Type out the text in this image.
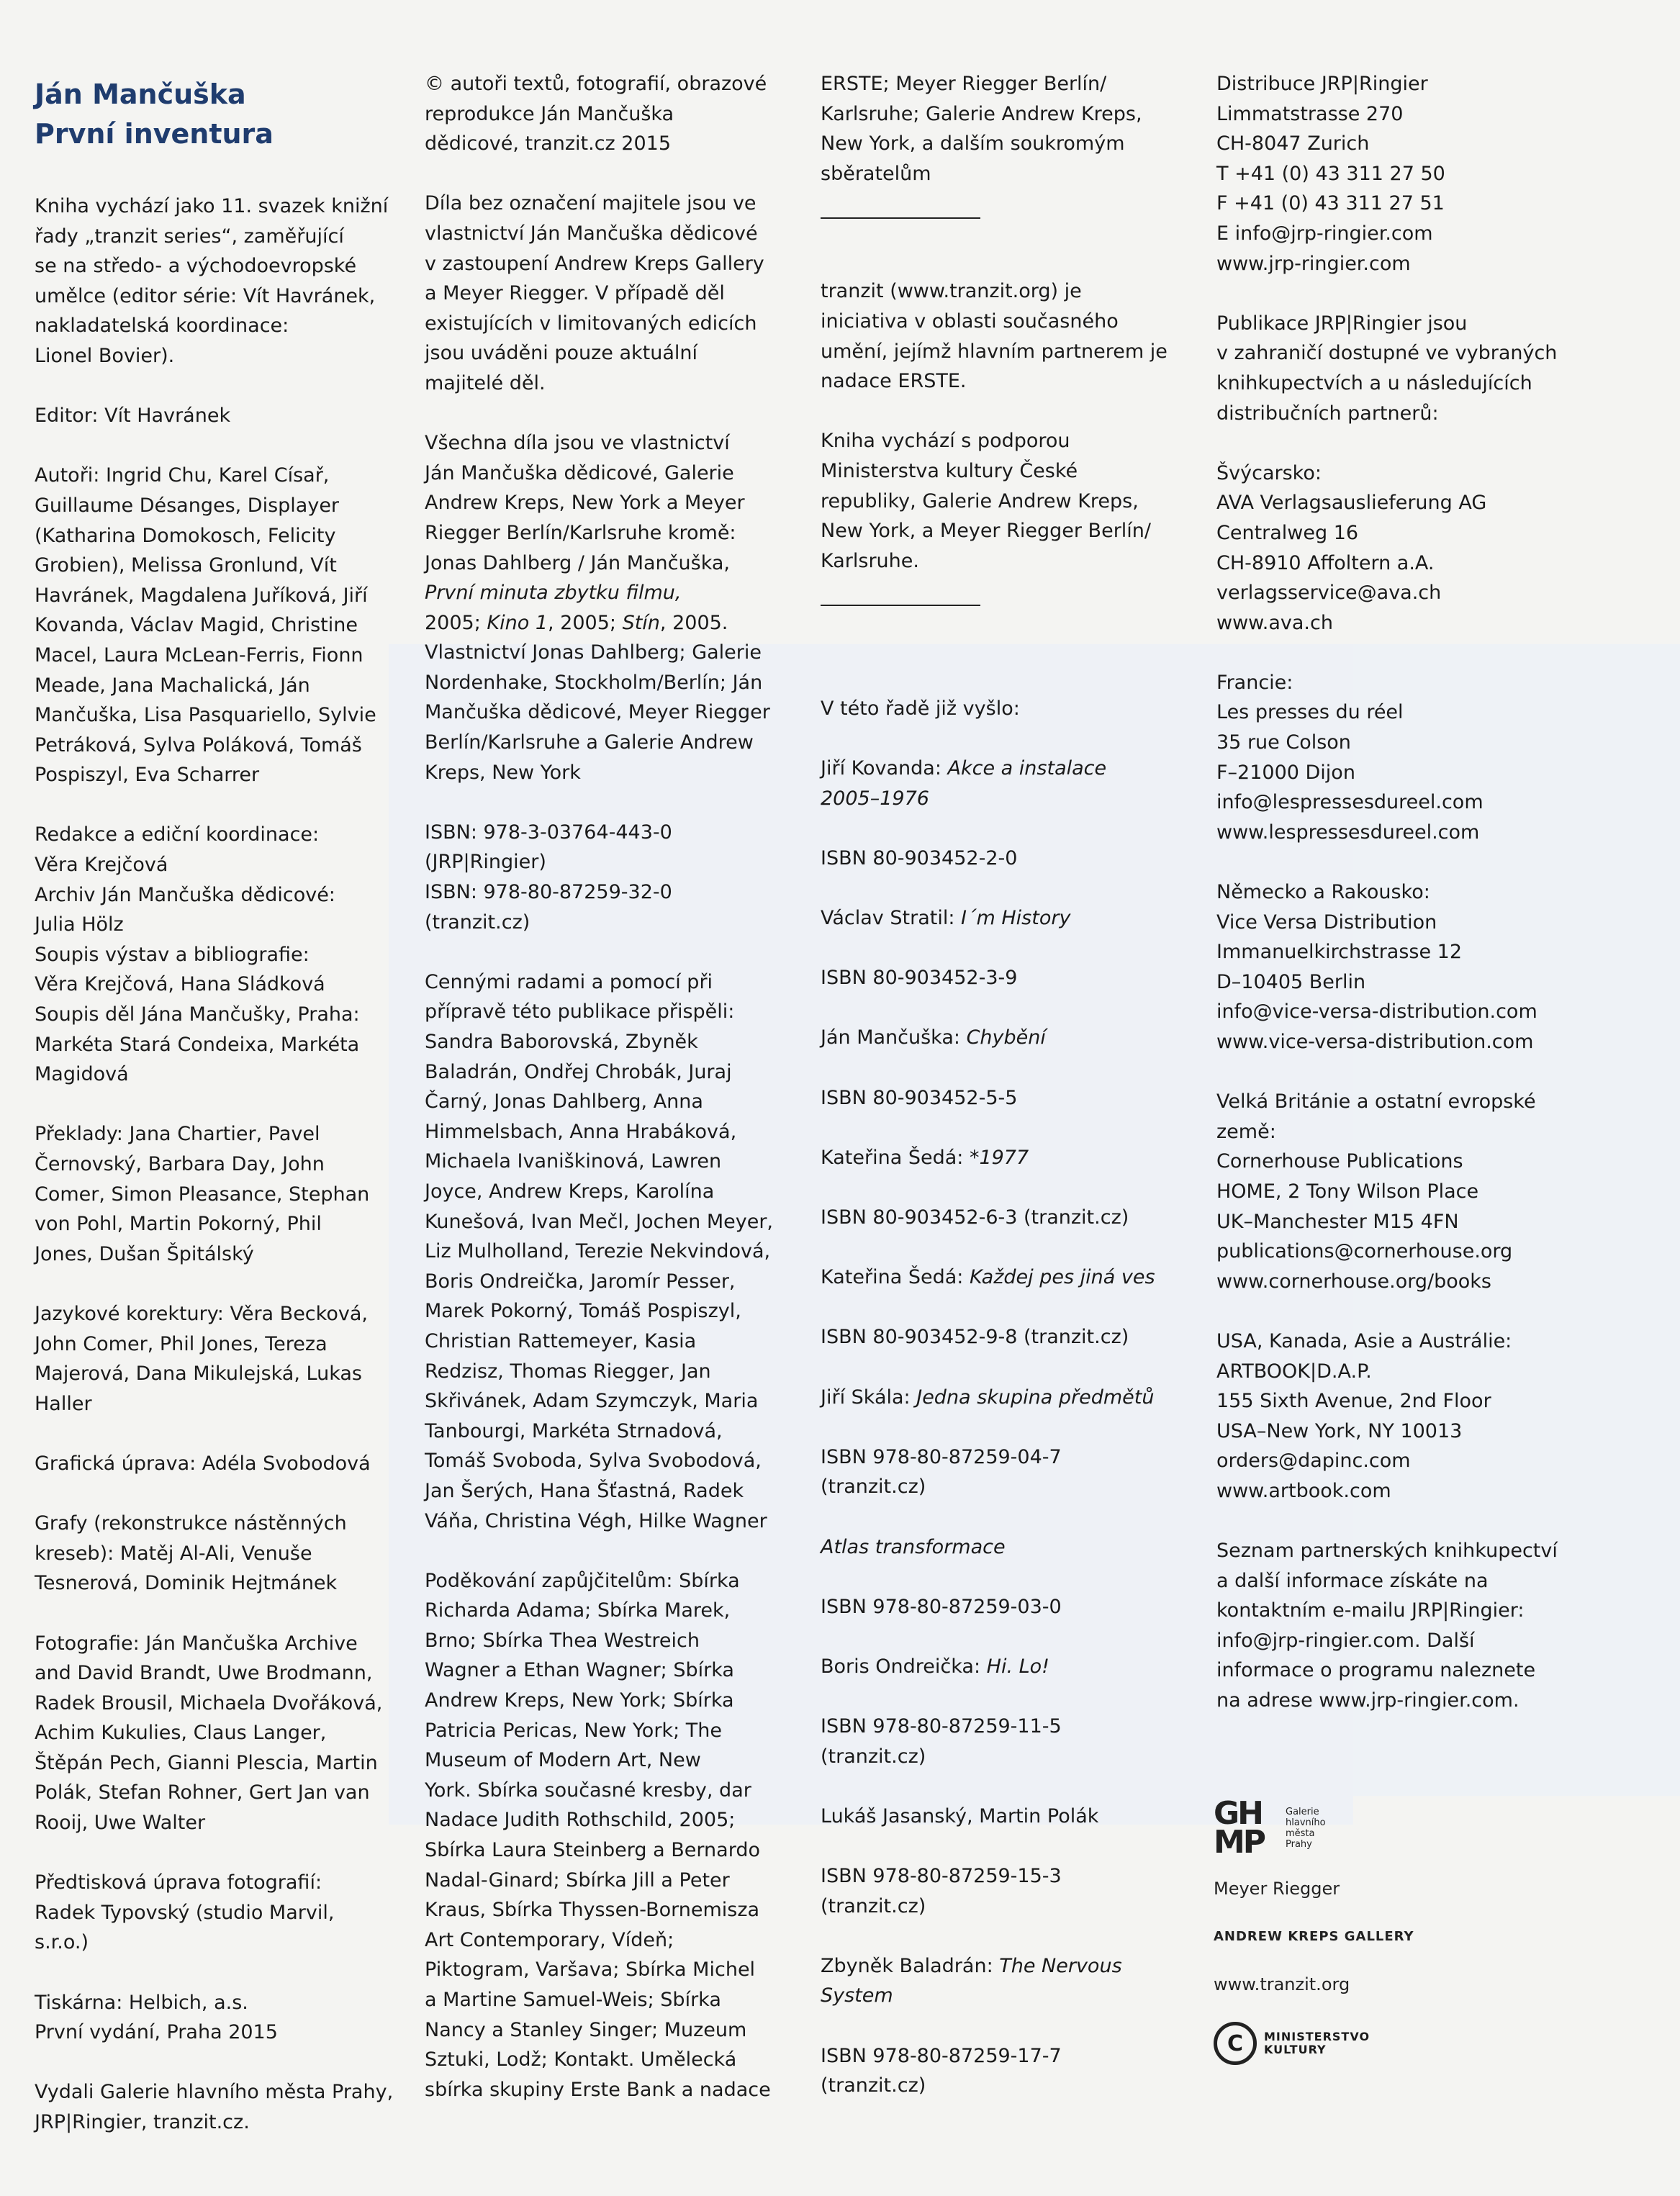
Ján Mančuška
První inventura

Kniha vychází jako 11. svazek knižní
řady „tranzit series“, zaměřující
se na středo- a východoevropské
umělce (editor série: Vít Havránek,
nakladatelská koordinace:
Lionel Bovier).

Editor: Vít Havránek

Autoři: Ingrid Chu, Karel Císař,
Guillaume Désanges, Displayer
(Katharina Domokosch, Felicity
Grobien), Melissa Gronlund, Vít
Havránek, Magdalena Juříková, Jiří
Kovanda, Václav Magid, Christine
Macel, Laura McLean-Ferris, Fionn
Meade, Jana Machalická, Ján
Mančuška, Lisa Pasquariello, Sylvie
Petráková, Sylva Poláková, Tomáš
Pospiszyl, Eva Scharrer

Redakce a ediční koordinace:
Věra Krejčová
Archiv Ján Mančuška dědicové:
Julia Hölz
Soupis výstav a bibliografie:
Věra Krejčová, Hana Sládková
Soupis děl Jána Mančušky, Praha:
Markéta Stará Condeixa, Markéta
Magidová

Překlady: Jana Chartier, Pavel
Černovský, Barbara Day, John
Comer, Simon Pleasance, Stephan
von Pohl, Martin Pokorný, Phil
Jones, Dušan Špitálský

Jazykové korektury: Věra Becková,
John Comer, Phil Jones, Tereza
Majerová, Dana Mikulejská, Lukas
Haller

Grafická úprava: Adéla Svobodová

Grafy (rekonstrukce nástěnných
kreseb): Matěj Al-Ali, Venuše
Tesnerová, Dominik Hejtmánek

Fotografie: Ján Mančuška Archive
and David Brandt, Uwe Brodmann,
Radek Brousil, Michaela Dvořáková,
Achim Kukulies, Claus Langer,
Štěpán Pech, Gianni Plescia, Martin
Polák, Stefan Rohner, Gert Jan van
Rooij, Uwe Walter

Předtisková úprava fotografií:
Radek Typovský (studio Marvil, s.r.o.)

Tiskárna: Helbich, a.s.
První vydání, Praha 2015

Vydali Galerie hlavního města Prahy,
JRP|Ringier, tranzit.cz.

© autoři textů, fotografií, obrazové
reprodukce Ján Mančuška
dědicové, tranzit.cz 2015

Díla bez označení majitele jsou ve
vlastnictví Ján Mančuška dědicové
v zastoupení Andrew Kreps Gallery
a Meyer Riegger. V případě děl
existujících v limitovaných edicích
jsou uváděni pouze aktuální
majitelé děl.

Všechna díla jsou ve vlastnictví
Ján Mančuška dědicové, Galerie
Andrew Kreps, New York a Meyer
Riegger Berlín/Karlsruhe kromě:
Jonas Dahlberg / Ján Mančuška,
První minuta zbytku filmu,
2005; Kino 1, 2005; Stín, 2005.
Vlastnictví Jonas Dahlberg; Galerie
Nordenhake, Stockholm/Berlín; Ján
Mančuška dědicové, Meyer Riegger
Berlín/Karlsruhe a Galerie Andrew
Kreps, New York

ISBN: 978-3-03764-443-0
(JRP|Ringier)
ISBN: 978-80-87259-32-0
(tranzit.cz)

Cennými radami a pomocí při
přípravě této publikace přispěli:
Sandra Baborovská, Zbyněk
Baladrán, Ondřej Chrobák, Juraj
Čarný, Jonas Dahlberg, Anna
Himmelsbach, Anna Hrabáková,
Michaela Ivaniškinová, Lawren
Joyce, Andrew Kreps, Karolína
Kunešová, Ivan Mečl, Jochen Meyer,
Liz Mulholland, Terezie Nekvindová,
Boris Ondreička, Jaromír Pesser,
Marek Pokorný, Tomáš Pospiszyl,
Christian Rattemeyer, Kasia
Redzisz, Thomas Riegger, Jan
Skřivánek, Adam Szymczyk, Maria
Tanbourgi, Markéta Strnadová,
Tomáš Svoboda, Sylva Svobodová,
Jan Šerých, Hana Šťastná, Radek
Váňa, Christina Végh, Hilke Wagner

Poděkování zapůjčitelům: Sbírka
Richarda Adama; Sbírka Marek,
Brno; Sbírka Thea Westreich
Wagner a Ethan Wagner; Sbírka
Andrew Kreps, New York; Sbírka
Patricia Pericas, New York; The
Museum of Modern Art, New
York. Sbírka současné kresby, dar
Nadace Judith Rothschild, 2005;
Sbírka Laura Steinberg a Bernardo
Nadal-Ginard; Sbírka Jill a Peter
Kraus, Sbírka Thyssen-Bornemisza
Art Contemporary, Vídeň;
Piktogram, Varšava; Sbírka Michel
a Martine Samuel-Weis; Sbírka
Nancy a Stanley Singer; Muzeum
Sztuki, Lodž; Kontakt. Umělecká
sbírka skupiny Erste Bank a nadace

ERSTE; Meyer Riegger Berlín/
Karlsruhe; Galerie Andrew Kreps,
New York, a dalším soukromým
sběratelům

tranzit (www.tranzit.org) je
iniciativa v oblasti současného
umění, jejímž hlavním partnerem je
nadace ERSTE.

Kniha vychází s podporou
Ministerstva kultury České
republiky, Galerie Andrew Kreps,
New York, a Meyer Riegger Berlín/
Karlsruhe.

V této řadě již vyšlo:

Jiří Kovanda: Akce a instalace
2005–1976

ISBN 80-903452-2-0

Václav Stratil: I´m History

ISBN 80-903452-3-9

Ján Mančuška: Chybění

ISBN 80-903452-5-5

Kateřina Šedá: *1977

ISBN 80-903452-6-3 (tranzit.cz)

Kateřina Šedá: Každej pes jiná ves

ISBN 80-903452-9-8 (tranzit.cz)

Jiří Skála: Jedna skupina předmětů

ISBN 978-80-87259-04-7
(tranzit.cz)

Atlas transformace

ISBN 978-80-87259-03-0

Boris Ondreička: Hi. Lo!

ISBN 978-80-87259-11-5
(tranzit.cz)

Lukáš Jasanský, Martin Polák

ISBN 978-80-87259-15-3
(tranzit.cz)

Zbyněk Baladrán: The Nervous
System

ISBN 978-80-87259-17-7
(tranzit.cz)

Distribuce JRP|Ringier
Limmatstrasse 270
CH-8047 Zurich
T +41 (0) 43 311 27 50
F +41 (0) 43 311 27 51
E info@jrp-ringier.com
www.jrp-ringier.com

Publikace JRP|Ringier jsou
v zahraničí dostupné ve vybraných
knihkupectvích a u následujících
distribučních partnerů:

Švýcarsko:
AVA Verlagsauslieferung AG
Centralweg 16
CH-8910 Affoltern a.A.
verlagsservice@ava.ch
www.ava.ch

Francie:
Les presses du réel
35 rue Colson
F–21000 Dijon
info@lespressesdureel.com
www.lespressesdureel.com

Německo a Rakousko:
Vice Versa Distribution
Immanuelkirchstrasse 12
D–10405 Berlin
info@vice-versa-distribution.com
www.vice-versa-distribution.com

Velká Británie a ostatní evropské
země:
Cornerhouse Publications
HOME, 2 Tony Wilson Place
UK–Manchester M15 4FN
publications@cornerhouse.org
www.cornerhouse.org/books

USA, Kanada, Asie a Austrálie:
ARTBOOK|D.A.P.
155 Sixth Avenue, 2nd Floor
USA–New York, NY 10013
orders@dapinc.com
www.artbook.com

Seznam partnerských knihkupectví
a další informace získáte na
kontaktním e-mailu JRP|Ringier:
info@jrp-ringier.com. Další
informace o programu naleznete
na adrese www.jrp-ringier.com.

GH
MP
Galerie
hlavního
města
Prahy
Meyer Riegger
ANDREW KREPS GALLERY
www.tranzit.org
C	MINISTERSTVO
KULTURY
